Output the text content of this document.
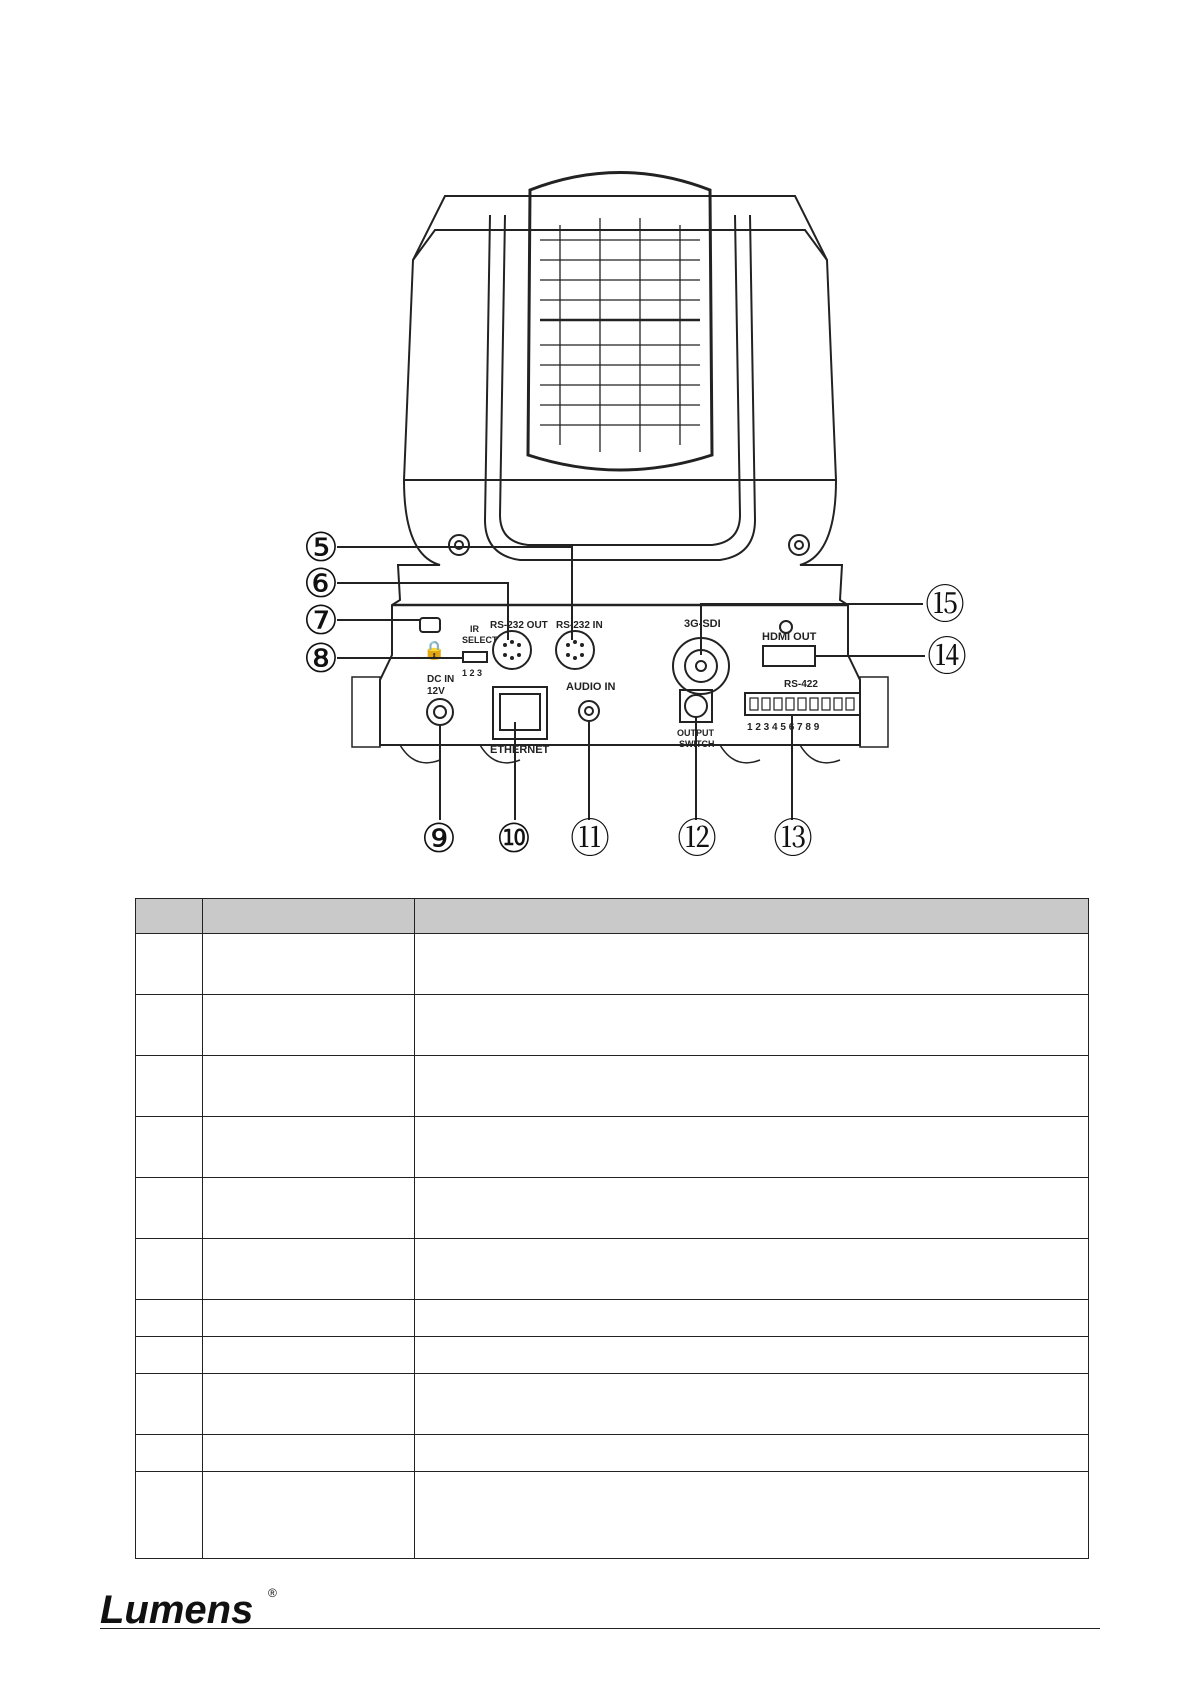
🔒
RS-232 OUT RS-232 IN
IR
SELECT
1 2 3
DC IN
12V
ETHERNET
AUDIO IN
3G-SDI
HDMI OUT
OUTPUT
SWITCH
RS-422
1 2 3 4 5 6 7 8 9
⑤
⑥
⑦
⑧
⑨ ⑩ ⑪ ⑫ ⑬
⑭
⑮

Lumens ®
